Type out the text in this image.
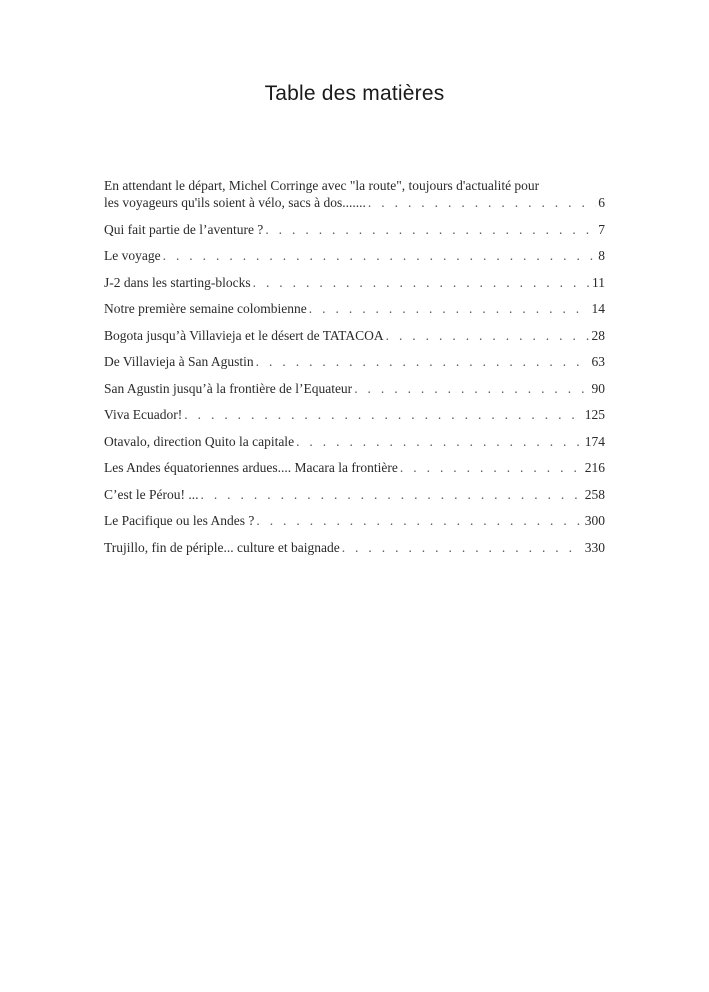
Table des matières
En attendant le départ, Michel Corringe avec "la route", toujours d'actualité pour
les voyageurs qu'ils soient à vélo, sacs à dos....... . . .	6
Qui fait partie de l’aventure ? . . .	7
Le voyage . . .	8
J-2 dans les starting-blocks . . .	11
Notre première semaine colombienne . . .	14
Bogota jusqu’à Villavieja et le désert de TATACOA . . .	28
De Villavieja à San Agustin . . .	63
San Agustin jusqu’à la frontière de l’Equateur . . .	90
Viva Ecuador! . . .	125
Otavalo, direction Quito la capitale . . .	174
Les Andes équatoriennes ardues.... Macara la frontière . . .	216
C’est le Pérou! ... . . .	258
Le Pacifique ou les Andes ? . . .	300
Trujillo, fin de périple... culture et baignade . . .	330
